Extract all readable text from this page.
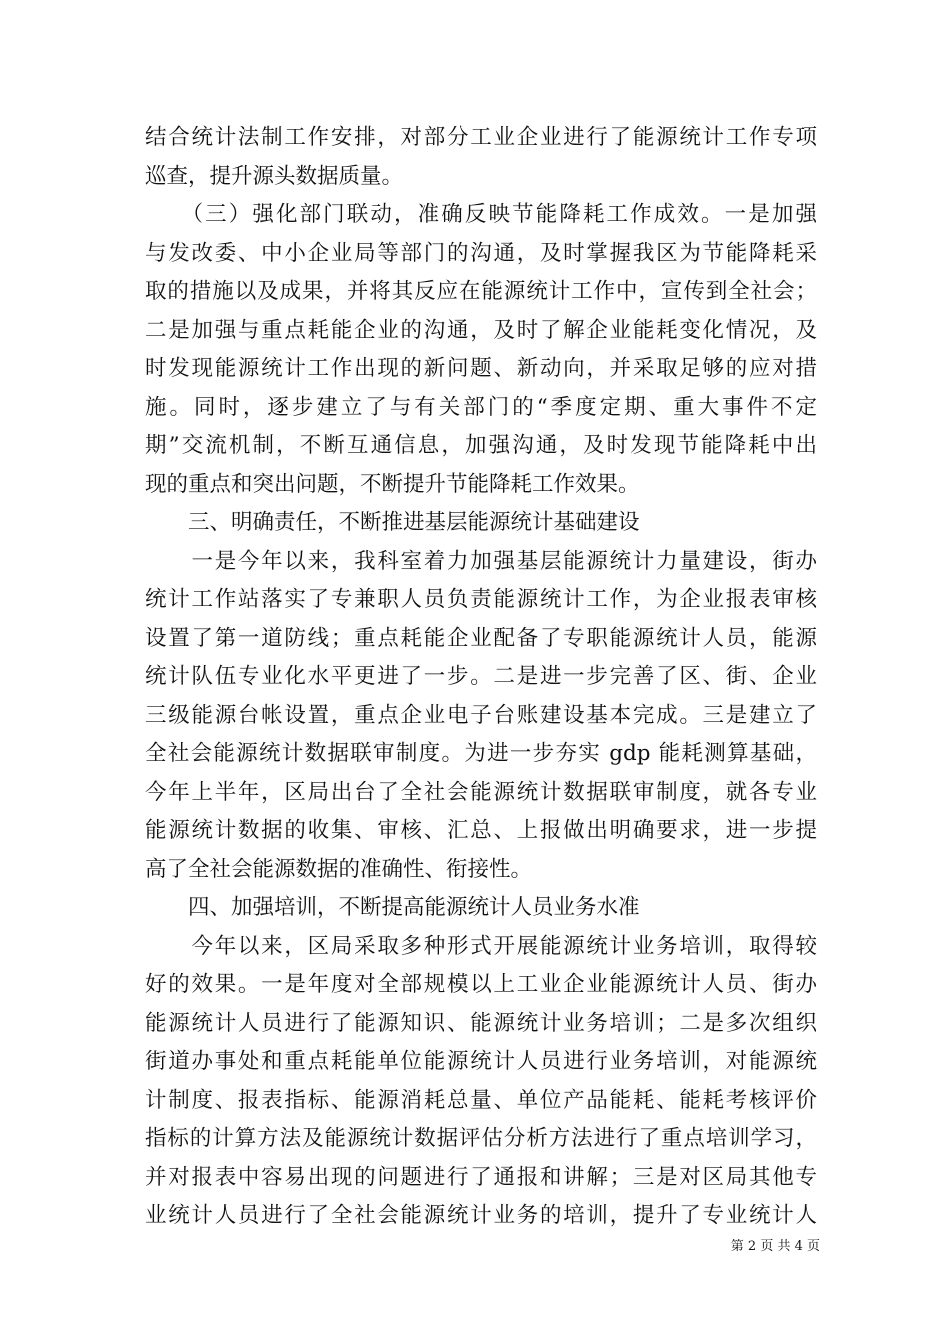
结合统计法制工作安排，对部分工业企业进行了能源统计工作专项
巡查，提升源头数据质量。
　　（三）强化部门联动，准确反映节能降耗工作成效。一是加强
与发改委、中小企业局等部门的沟通，及时掌握我区为节能降耗采
取的措施以及成果，并将其反应在能源统计工作中，宣传到全社会；
二是加强与重点耗能企业的沟通，及时了解企业能耗变化情况，及
时发现能源统计工作出现的新问题、新动向，并采取足够的应对措
施。同时，逐步建立了与有关部门的“季度定期、重大事件不定
期”交流机制，不断互通信息，加强沟通，及时发现节能降耗中出
现的重点和突出问题，不断提升节能降耗工作效果。
　　三、明确责任，不断推进基层能源统计基础建设
　　一是今年以来，我科室着力加强基层能源统计力量建设，街办
统计工作站落实了专兼职人员负责能源统计工作，为企业报表审核
设置了第一道防线；重点耗能企业配备了专职能源统计人员，能源
统计队伍专业化水平更进了一步。二是进一步完善了区、街、企业
三级能源台帐设置，重点企业电子台账建设基本完成。三是建立了
全社会能源统计数据联审制度。为进一步夯实 gdp 能耗测算基础，
今年上半年，区局出台了全社会能源统计数据联审制度，就各专业
能源统计数据的收集、审核、汇总、上报做出明确要求，进一步提
高了全社会能源数据的准确性、衔接性。
　　四、加强培训，不断提高能源统计人员业务水准
　　今年以来，区局采取多种形式开展能源统计业务培训，取得较
好的效果。一是年度对全部规模以上工业企业能源统计人员、街办
能源统计人员进行了能源知识、能源统计业务培训；二是多次组织
街道办事处和重点耗能单位能源统计人员进行业务培训，对能源统
计制度、报表指标、能源消耗总量、单位产品能耗、能耗考核评价
指标的计算方法及能源统计数据评估分析方法进行了重点培训学习，
并对报表中容易出现的问题进行了通报和讲解；三是对区局其他专
业统计人员进行了全社会能源统计业务的培训，提升了专业统计人
第 2 页 共 4 页
